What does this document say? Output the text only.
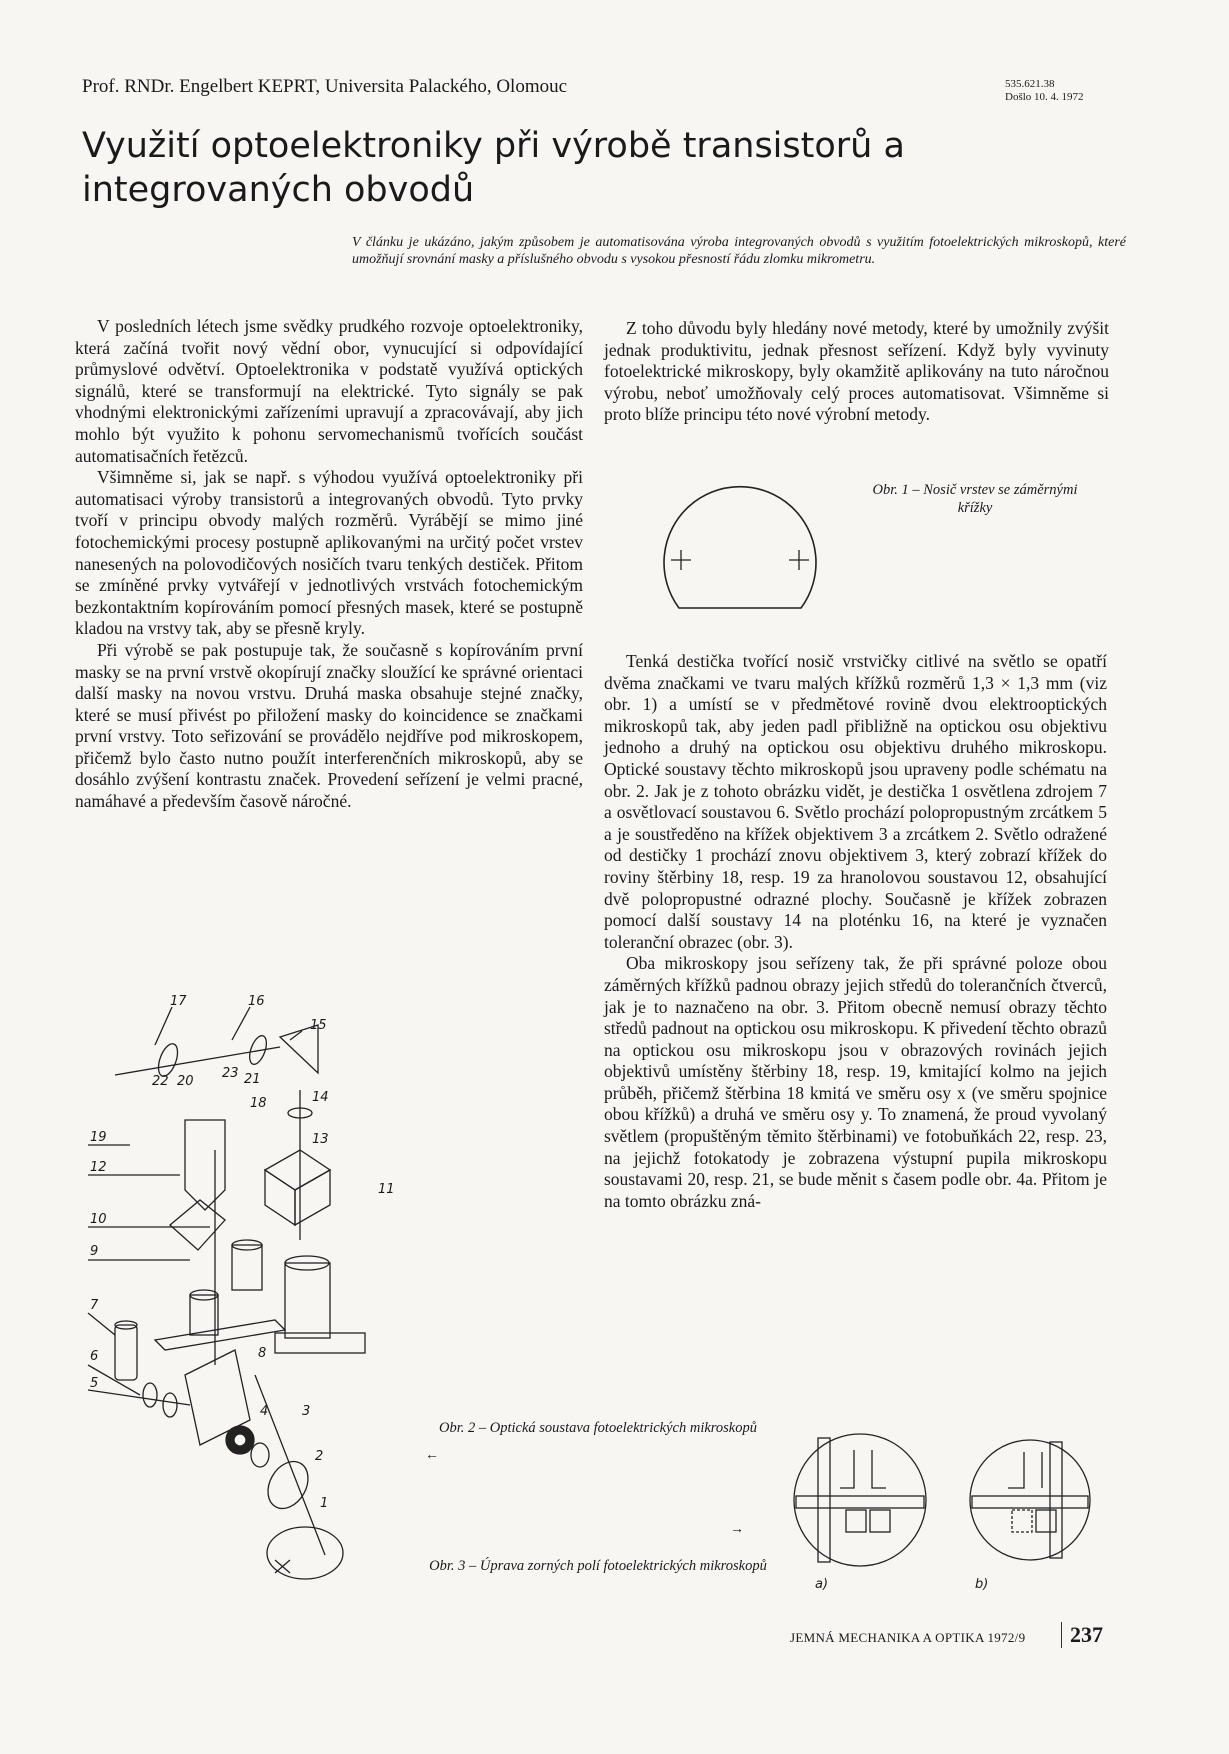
Prof. RNDr. Engelbert KEPRT, Universita Palackého, Olomouc	535.621.38
Došlo 10. 4. 1972
Využití optoelektroniky při výrobě transistorů a integrovaných obvodů
V článku je ukázáno, jakým způsobem je automatisována výroba integrovaných obvodů s využitím fotoelektrických mikroskopů, které umožňují srovnání masky a příslušného obvodu s vysokou přesností řádu zlomku mikrometru.

V posledních létech jsme svědky prudkého rozvoje optoelektroniky, která začíná tvořit nový vědní obor, vynucující si odpovídající průmyslové odvětví. Optoelektronika v podstatě využívá optických signálů, které se transformují na elektrické. Tyto signály se pak vhodnými elektronickými zařízeními upravují a zpracovávají, aby jich mohlo být využito k pohonu servomechanismů tvořících součást automatisačních řetězců.

Všimněme si, jak se např. s výhodou využívá optoelektroniky při automatisaci výroby transistorů a integrovaných obvodů. Tyto prvky tvoří v principu obvody malých rozměrů. Vyrábějí se mimo jiné fotochemickými procesy postupně aplikovanými na určitý počet vrstev nanesených na polovodičových nosičích tvaru tenkých destiček. Přitom se zmíněné prvky vytvářejí v jednotlivých vrstvách fotochemickým bezkontaktním kopírováním pomocí přesných masek, které se postupně kladou na vrstvy tak, aby se přesně kryly.

Při výrobě se pak postupuje tak, že současně s kopírováním první masky se na první vrstvě okopírují značky sloužící ke správné orientaci další masky na novou vrstvu. Druhá maska obsahuje stejné značky, které se musí přivést po přiložení masky do koincidence se značkami první vrstvy. Toto seřizování se provádělo nejdříve pod mikroskopem, přičemž bylo často nutno použít interferenčních mikroskopů, aby se dosáhlo zvýšení kontrastu značek. Provedení seřízení je velmi pracné, namáhavé a především časově náročné.

Z toho důvodu byly hledány nové metody, které by umožnily zvýšit jednak produktivitu, jednak přesnost seřízení. Když byly vyvinuty fotoelektrické mikroskopy, byly okamžitě aplikovány na tuto náročnou výrobu, neboť umožňovaly celý proces automatisovat. Všimněme si proto blíže principu této nové výrobní metody.

Tenká destička tvořící nosič vrstvičky citlivé na světlo se opatří dvěma značkami ve tvaru malých křížků rozměrů 1,3 × 1,3 mm (viz obr. 1) a umístí se v předmětové rovině dvou elektrooptických mikroskopů tak, aby jeden padl přibližně na optickou osu objektivu jednoho a druhý na optickou osu objektivu druhého mikroskopu. Optické soustavy těchto mikroskopů jsou upraveny podle schématu na obr. 2. Jak je z tohoto obrázku vidět, je destička 1 osvětlena zdrojem 7 a osvětlovací soustavou 6. Světlo prochází polopropustným zrcátkem 5 a je soustředěno na křížek objektivem 3 a zrcátkem 2. Světlo odražené od destičky 1 prochází znovu objektivem 3, který zobrazí křížek do roviny štěrbiny 18, resp. 19 za hranolovou soustavou 12, obsahující dvě polopropustné odrazné plochy. Současně je křížek zobrazen pomocí další soustavy 14 na ploténku 16, na které je vyznačen toleranční obrazec (obr. 3).

Oba mikroskopy jsou seřízeny tak, že při správné poloze obou záměrných křížků padnou obrazy jejich středů do tolerančních čtverců, jak je to naznačeno na obr. 3. Přitom obecně nemusí obrazy těchto středů padnout na optickou osu mikroskopu. K přivedení těchto obrazů na optickou osu mikroskopu jsou v obrazových rovinách jejich objektivů umístěny štěrbiny 18, resp. 19, kmitající kolmo na jejich průběh, přičemž štěrbina 18 kmitá ve směru osy x (ve směru spojnice obou křížků) a druhá ve směru osy y. To znamená, že proud vyvolaný světlem (propuštěným těmito štěrbinami) ve fotobuňkách 22, resp. 23, na jejichž fotokatody je zobrazena výstupní pupila mikroskopu soustavami 20, resp. 21, se bude měnit s časem podle obr. 4a. Přitom je na tomto obrázku zná-

Obr. 1 – Nosič vrstev se záměrnými křížky
17	16
15
22 20
23 21
18	14
19	13
12
11
10
9
8
7
6
5
4	3
2
1
Obr. 2 – Optická soustava fotoelektrických mikroskopů
←
→
Obr. 3 – Úprava zorných polí fotoelektrických mikroskopů
a)	b)
JEMNÁ MECHANIKA A OPTIKA 1972/9 237
